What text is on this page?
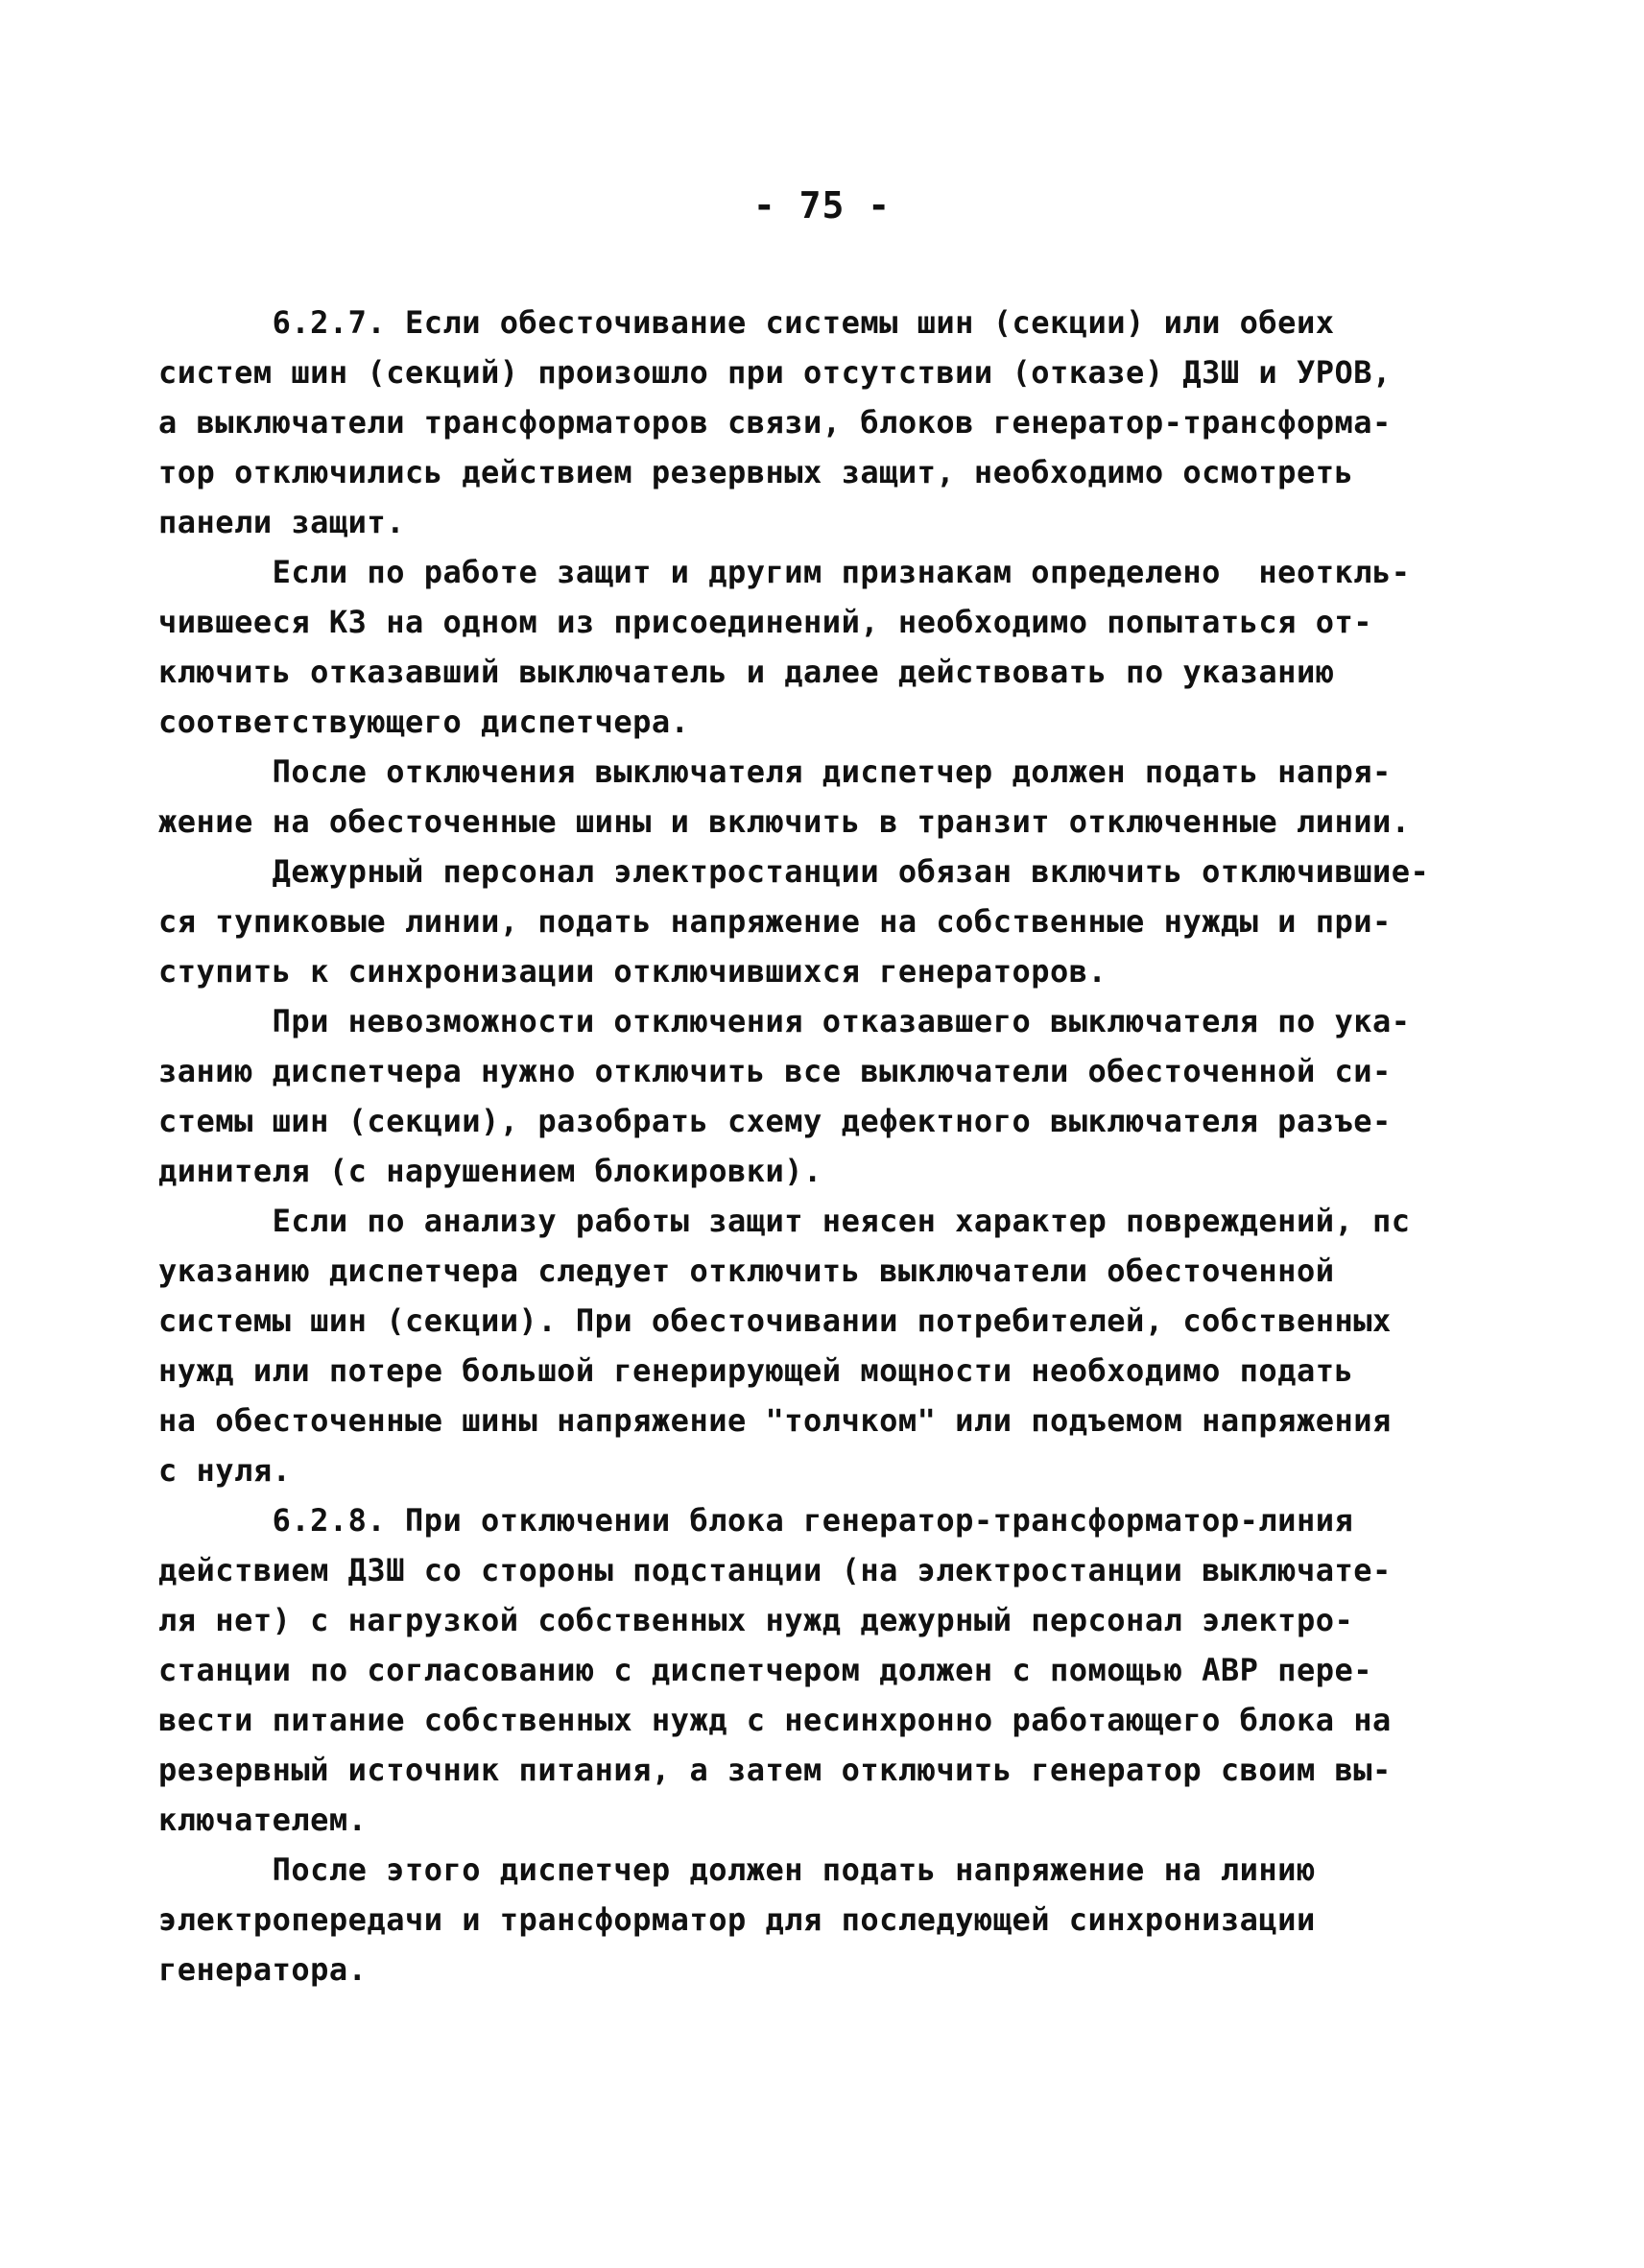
- 75 -
6.2.7. Если обесточивание системы шин (секции) или обеих
систем шин (секций) произошло при отсутствии (отказе) ДЗШ и УРОВ,
а выключатели трансформаторов связи, блоков генератор-трансформа-
тор отключились действием резервных защит, необходимо осмотреть
панели защит.
Если по работе защит и другим признакам определено  неоткль-
чившееся КЗ на одном из присоединений, необходимо попытаться от-
ключить отказавший выключатель и далее действовать по указанию
соответствующего диспетчера.
После отключения выключателя диспетчер должен подать напря-
жение на обесточенные шины и включить в транзит отключенные линии.
Дежурный персонал электростанции обязан включить отключившие-
ся тупиковые линии, подать напряжение на собственные нужды и при-
ступить к синхронизации отключившихся генераторов.
При невозможности отключения отказавшего выключателя по ука-
занию диспетчера нужно отключить все выключатели обесточенной си-
стемы шин (секции), разобрать схему дефектного выключателя разъе-
динителя (с нарушением блокировки).
Если по анализу работы защит неясен характер повреждений, пс
указанию диспетчера следует отключить выключатели обесточенной
системы шин (секции). При обесточивании потребителей, собственных
нужд или потере большой генерирующей мощности необходимо подать
на обесточенные шины напряжение "толчком" или подъемом напряжения
с нуля.
6.2.8. При отключении блока генератор-трансформатор-линия
действием ДЗШ со стороны подстанции (на электростанции выключате-
ля нет) с нагрузкой собственных нужд дежурный персонал электро-
станции по согласованию с диспетчером должен с помощью АВР пере-
вести питание собственных нужд с несинхронно работающего блока на
резервный источник питания, а затем отключить генератор своим вы-
ключателем.
После этого диспетчер должен подать напряжение на линию
электропередачи и трансформатор для последующей синхронизации
генератора.
